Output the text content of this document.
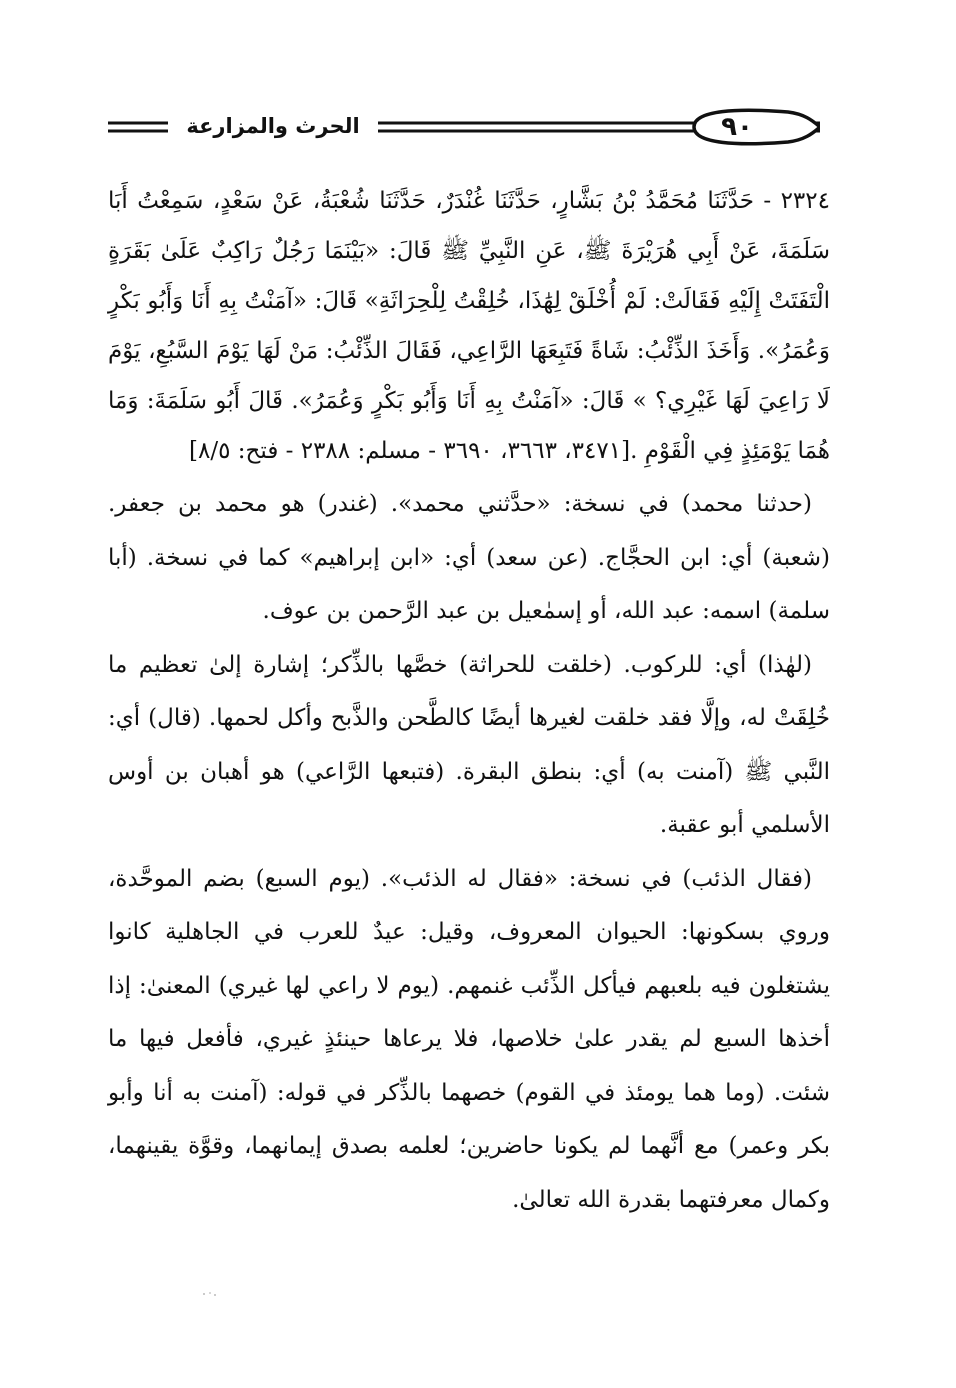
٩٠
الحرث والمزارعة

٢٣٢٤ - حَدَّثَنَا مُحَمَّدُ بْنُ بَشَّارٍ، حَدَّثَنَا غُنْدَرٌ، حَدَّثَنَا شُعْبَةُ، عَنْ سَعْدٍ، سَمِعْتُ أَبَا سَلَمَةَ، عَنْ أَبِي هُرَيْرَةَ ﷺ، عَنِ النَّبِيِّ ﷺ قَالَ: «بَيْنَمَا رَجُلٌ رَاكِبٌ عَلَىٰ بَقَرَةٍ الْتَفَتَتْ إِلَيْهِ فَقَالَتْ: لَمْ أُخْلَقْ لِهَٰذَا، خُلِقْتُ لِلْحِرَاثَةِ» قَالَ: «آمَنْتُ بِهِ أَنَا وَأَبُو بَكْرٍ وَعُمَرُ». وَأَخَذَ الذِّئْبُ: شَاةً فَتَبِعَهَا الرَّاعِي، فَقَالَ الذِّئْبُ: مَنْ لَهَا يَوْمَ السَّبُعِ، يَوْمَ لَا رَاعِيَ لَهَا غَيْرِي؟ » قَالَ: «آمَنْتُ بِهِ أَنَا وَأَبُو بَكْرٍ وَعُمَرُ». قَالَ أَبُو سَلَمَةَ: وَمَا هُمَا يَوْمَئِذٍ فِي الْقَوْمِ .[٣٤٧١، ٣٦٦٣، ٣٦٩٠ - مسلم: ٢٣٨٨ - فتح: ٨/٥]

(حدثنا محمد) في نسخة: «حدَّثني محمد». (غندر) هو محمد بن جعفر. (شعبة) أي: ابن الحجَّاج. (عن سعد) أي: «ابن إبراهيم» كما في نسخة. (أبا سلمة) اسمه: عبد الله، أو إسمٰعيل بن عبد الرَّحمن بن عوف.

(لهٰذا) أي: للركوب. (خلقت للحراثة) خصَّها بالذِّكر؛ إشارة إلىٰ تعظيم ما خُلِقَتْ له، وإلَّا فقد خلقت لغيرها أيضًا كالطَّحن والذَّبح وأكل لحمها. (قال) أي: النَّبي ﷺ (آمنت به) أي: بنطق البقرة. (فتبعها الرَّاعي) هو أهبان بن أوس الأسلمي أبو عقبة.

(فقال الذئب) في نسخة: «فقال له الذئب». (يوم السبع) بضم الموحَّدة، وروي بسكونها: الحيوان المعروف، وقيل: عيدٌ للعرب في الجاهلية كانوا يشتغلون فيه بلعبهم فيأكل الذِّئب غنمهم. (يوم لا راعي لها غيري) المعنىٰ: إذا أخذها السبع لم يقدر علىٰ خلاصها، فلا يرعاها حينئذٍ غيري، فأفعل فيها ما شئت. (وما هما يومئذ في القوم) خصهما بالذِّكر في قوله: (آمنت به أنا وأبو بكر وعمر) مع أنَّهما لم يكونا حاضرين؛ لعلمه بصدق إيمانهما، وقوَّة يقينهما، وكمال معرفتهما بقدرة الله تعالىٰ.
